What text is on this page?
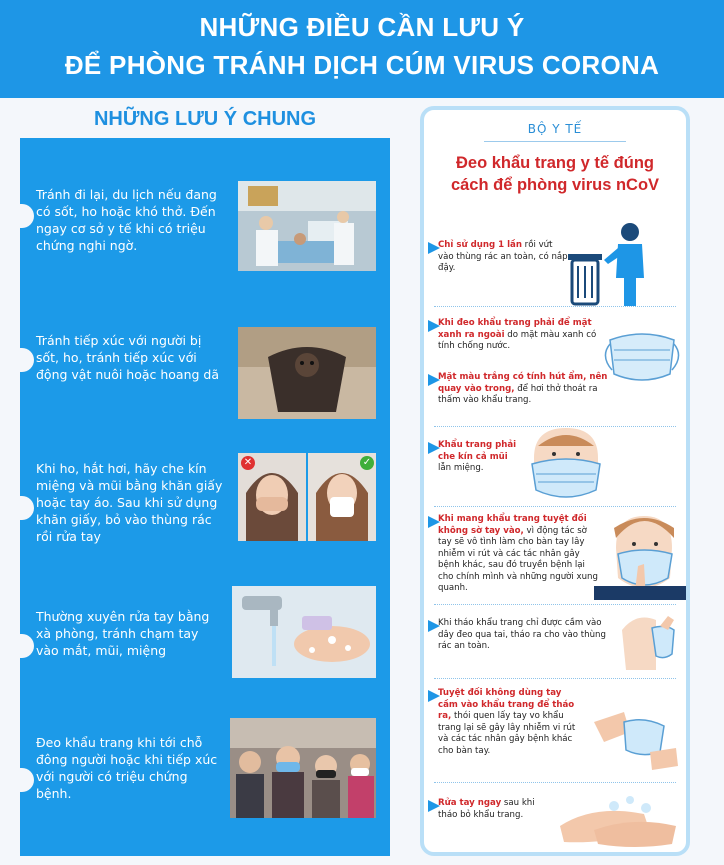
NHỮNG ĐIỀU CẦN LƯU Ý
ĐỂ PHÒNG TRÁNH DỊCH CÚM VIRUS CORONA
NHỮNG LƯU Ý CHUNG
Tránh đi lại, du lịch nếu đang có sốt, ho hoặc khó thở. Đến ngay cơ sở y tế khi có triệu chứng nghi ngờ.
Tránh tiếp xúc với người bị sốt, ho, tránh tiếp xúc với động vật nuôi hoặc hoang dã
Khi ho, hắt hơi, hãy che kín miệng và mũi bằng khăn giấy hoặc tay áo. Sau khi sử dụng khăn giấy, bỏ vào thùng rác rồi rửa tay
✕	✓
Thường xuyên rửa tay bằng xà phòng, tránh chạm tay vào mắt, mũi, miệng
Đeo khẩu trang khi tới chỗ đông người hoặc khi tiếp xúc với người có triệu chứng bệnh.
BỘ Y TẾ
Đeo khẩu trang y tế đúng
cách để phòng virus nCoV
Chỉ sử dụng 1 lần rồi vứt vào thùng rác an toàn, có nắp đậy.
Khi đeo khẩu trang phải để mặt xanh ra ngoài do mặt màu xanh có tính chống nước.
Mặt màu trắng có tính hút ẩm, nên quay vào trong, để hơi thở thoát ra thấm vào khẩu trang.
Khẩu trang phải che kín cả mũi lẫn miệng.
Khi mang khẩu trang tuyệt đối không sờ tay vào, vì động tác sờ tay sẽ vô tình làm cho bàn tay lây nhiễm vi rút và các tác nhân gây bệnh khác, sau đó truyền bệnh lại cho chính mình và những người xung quanh.
Khi tháo khẩu trang chỉ được cầm vào dây đeo qua tai, tháo ra cho vào thùng rác an toàn.
Tuyệt đối không dùng tay cầm vào khẩu trang để tháo ra, thói quen lấy tay vo khẩu trang lại sẽ gây lây nhiễm vi rút và các tác nhân gây bệnh khác cho bàn tay.
Rửa tay ngay sau khi tháo bỏ khẩu trang.
